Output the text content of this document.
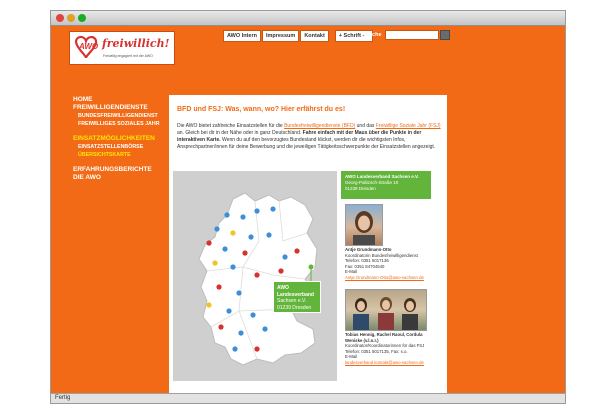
AWO freiwillich!
Freiwillig engagiert mit der AWO
AWO Intern	Impressum	Kontakt	+ Schrift - Suche
HOME
FREIWILLIGENDIENSTE
BUNDESFREIWILLIGENDIENST
FREIWILLIGES SOZIALES JAHR
EINSATZMÖGLICHKEITEN
EINSATZSTELLENBÖRSE
ÜBERSICHTSKARTE
ERFAHRUNGSBERICHTE
DIE AWO
BFD und FSJ: Was, wann, wo? Hier erfährst du es!
Die AWO bietet zahlreiche Einsatzstellen für die Bundesfreiwilligendienste (BFD) und das Freiwillige Soziale Jahr (FSJ) an. Gleich bei dir in der Nähe oder in ganz Deutschland. Fahre einfach mit der Maus über die Punkte in der interaktiven Karte. Wenn du auf den bevorzugtes Bundesland klickst, werden dir die wichtigsten Infos, Ansprechpartner/innen für deine Bewerbung und die jeweiligen Tätigkeitsschwerpunkte der Einsatzstellen angezeigt.
AWO Landesverband
Sachsen e.V.
01239 Dresden
AWO Landesverband Sachsen e.V.
Georg-Palitzsch-Straße 10
01239 Dresden
Antje Grundmann-Otto
Koordinatorin Bundesfreiwilligendienst
Telefon: 0351 5017136
Fax: 0351 84704540
E-Mail
Antje.Grundmann-Otto@awo-sachsen.de
Tobias Hennig, Rachel Raoul, Cordula Weniske (v.l.n.r.)
Koordinator/Koordinatorinnen für das FSJ
Telefon: 0351 5017135, Fax: s.o.
E-Mail
landesverband.kontakt@awo-sachsen.de
Fertig
